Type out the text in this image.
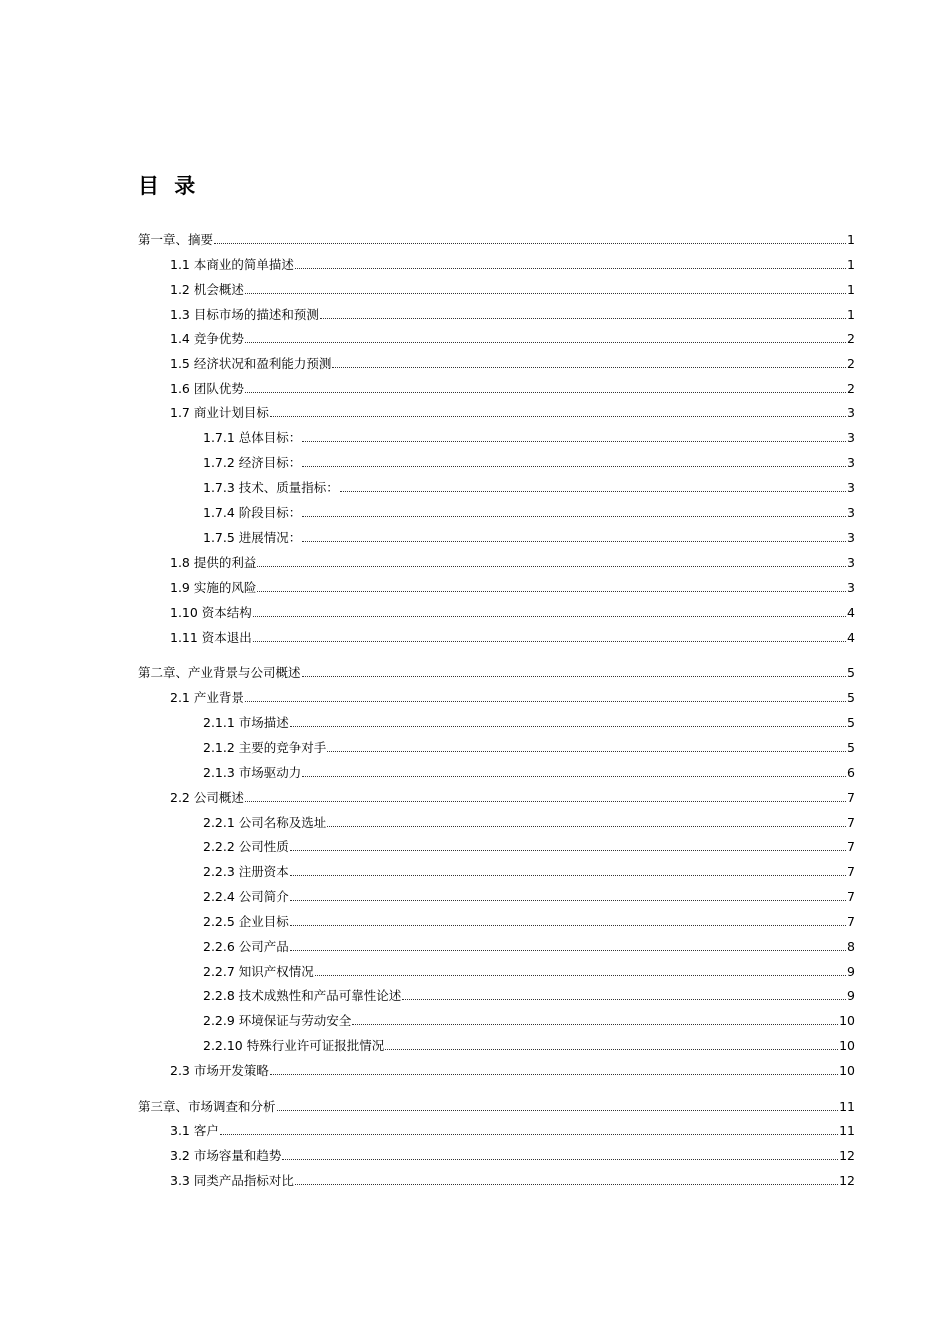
目 录
第一章、摘要	1
1.1 本商业的简单描述	1
1.2 机会概述	1
1.3 目标市场的描述和预测	1
1.4 竞争优势	2
1.5 经济状况和盈利能力预测	2
1.6 团队优势	2
1.7 商业计划目标	3
1.7.1 总体目标：	3
1.7.2 经济目标：	3
1.7.3 技术、质量指标：	3
1.7.4 阶段目标：	3
1.7.5 进展情况：	3
1.8 提供的利益	3
1.9 实施的风险	3
1.10 资本结构	4
1.11 资本退出	4
第二章、产业背景与公司概述	5
2.1 产业背景	5
2.1.1 市场描述	5
2.1.2 主要的竞争对手	5
2.1.3 市场驱动力	6
2.2 公司概述	7
2.2.1 公司名称及选址	7
2.2.2 公司性质	7
2.2.3 注册资本	7
2.2.4 公司简介	7
2.2.5 企业目标	7
2.2.6 公司产品	8
2.2.7 知识产权情况	9
2.2.8 技术成熟性和产品可靠性论述	9
2.2.9 环境保证与劳动安全	10
2.2.10 特殊行业许可证报批情况	10
2.3 市场开发策略	10
第三章、市场调查和分析	11
3.1 客户	11
3.2 市场容量和趋势	12
3.3 同类产品指标对比	12
